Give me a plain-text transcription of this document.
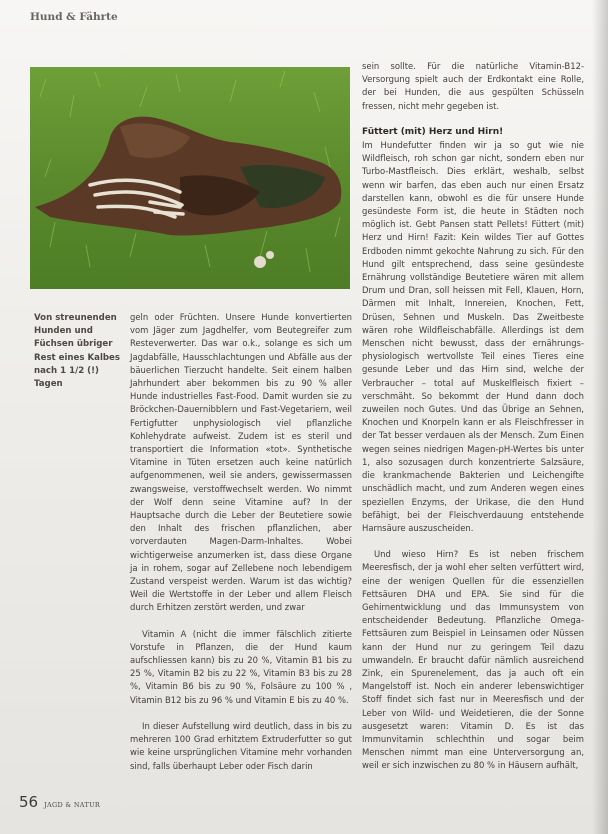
Hund & Fährte
Von streunenden Hunden und Füchsen übriger Rest eines Kalbes nach 1 1/2 (!) Tagen

geln oder Früchten. Unsere Hunde konvertierten vom Jäger zum Jagdhelfer, vom Beutegreifer zum Resteverwerter. Das war o.k., solange es sich um Jagdabfälle, Hausschlachtungen und Abfälle aus der bäuerlichen Tierzucht handelte. Seit einem halben Jahrhundert aber bekommen bis zu 90 % aller Hunde industrielles Fast-Food. Damit wurden sie zu Bröckchen-Dauernibblern und Fast-Vegetariern, weil Fertigfutter unphysiologisch viel pflanzliche Kohlehydrate aufweist. Zudem ist es steril und transportiert die Information «tot». Synthetische Vitamine in Tüten ersetzen auch keine natürlich aufgenommenen, weil sie anders, gewissermassen zwangsweise, verstoffwechselt werden. Wo nimmt der Wolf denn seine Vitamine auf? In der Hauptsache durch die Leber der Beutetiere sowie den Inhalt des frischen pflanzlichen, aber vorverdauten Magen-Darm-Inhaltes. Wobei wichtigerweise anzumerken ist, dass diese Organe ja in rohem, sogar auf Zellebene noch lebendigem Zustand verspeist werden. Warum ist das wichtig? Weil die Wertstoffe in der Leber und allem Fleisch durch Erhitzen zerstört werden, und zwar

Vitamin A (nicht die immer fälschlich zitierte Vorstufe in Pflanzen, die der Hund kaum aufschliessen kann) bis zu 20 %, Vitamin B1 bis zu 25 %, Vitamin B2 bis zu 22 %, Vitamin B3 bis zu 28 %, Vitamin B6 bis zu 90 %, Folsäure zu 100 % , Vitamin B12 bis zu 96 % und Vitamin E bis zu 40 %.

In dieser Aufstellung wird deutlich, dass in bis zu mehreren 100 Grad erhitztem Extruderfutter so gut wie keine ursprünglichen Vitamine mehr vorhanden sind, falls überhaupt Leber oder Fisch darin

sein sollte. Für die natürliche Vitamin-B12-Versorgung spielt auch der Erdkontakt eine Rolle, der bei Hunden, die aus gespülten Schüsseln fressen, nicht mehr gegeben ist.

Füttert (mit) Herz und Hirn!

Im Hundefutter finden wir ja so gut wie nie Wildfleisch, roh schon gar nicht, sondern eben nur Turbo-Mastfleisch. Dies erklärt, weshalb, selbst wenn wir barfen, das eben auch nur einen Ersatz darstellen kann, obwohl es die für unsere Hunde gesündeste Form ist, die heute in Städten noch möglich ist. Gebt Pansen statt Pellets! Füttert (mit) Herz und Hirn! Fazit: Kein wildes Tier auf Gottes Erdboden nimmt gekochte Nahrung zu sich. Für den Hund gilt entsprechend, dass seine gesündeste Ernährung vollständige Beutetiere wären mit allem Drum und Dran, soll heissen mit Fell, Klauen, Horn, Därmen mit Inhalt, Innereien, Knochen, Fett, Drüsen, Sehnen und Muskeln. Das Zweitbeste wären rohe Wildfleischabfälle. Allerdings ist dem Menschen nicht bewusst, dass der ernährungs-physiologisch wertvollste Teil eines Tieres eine gesunde Leber und das Hirn sind, welche der Verbraucher – total auf Muskelfleisch fixiert – verschmäht. So bekommt der Hund dann doch zuweilen noch Gutes. Und das Übrige an Sehnen, Knochen und Knorpeln kann er als Fleischfresser in der Tat besser verdauen als der Mensch. Zum Einen wegen seines niedrigen Magen-pH-Wertes bis unter 1, also sozusagen durch konzentrierte Salzsäure, die krankmachende Bakterien und Leichengifte unschädlich macht, und zum Anderen wegen eines speziellen Enzyms, der Urikase, die den Hund befähigt, bei der Fleischverdauung entstehende Harnsäure auszuscheiden.

Und wieso Hirn? Es ist neben frischem Meeresfisch, der ja wohl eher selten verfüttert wird, eine der wenigen Quellen für die essenziellen Fettsäuren DHA und EPA. Sie sind für die Gehirnentwicklung und das Immunsystem von entscheidender Bedeutung. Pflanzliche Omega-Fettsäuren zum Beispiel in Leinsamen oder Nüssen kann der Hund nur zu geringem Teil dazu umwandeln. Er braucht dafür nämlich ausreichend Zink, ein Spurenelement, das ja auch oft ein Mangelstoff ist. Noch ein anderer lebenswichtiger Stoff findet sich fast nur in Meeresfisch und der Leber von Wild- und Weidetieren, die der Sonne ausgesetzt waren: Vitamin D. Es ist das Immunvitamin schlechthin und sogar beim Menschen nimmt man eine Unterversorgung an, weil er sich inzwischen zu 80 % in Häusern aufhält,

56 JAGD & NATUR
